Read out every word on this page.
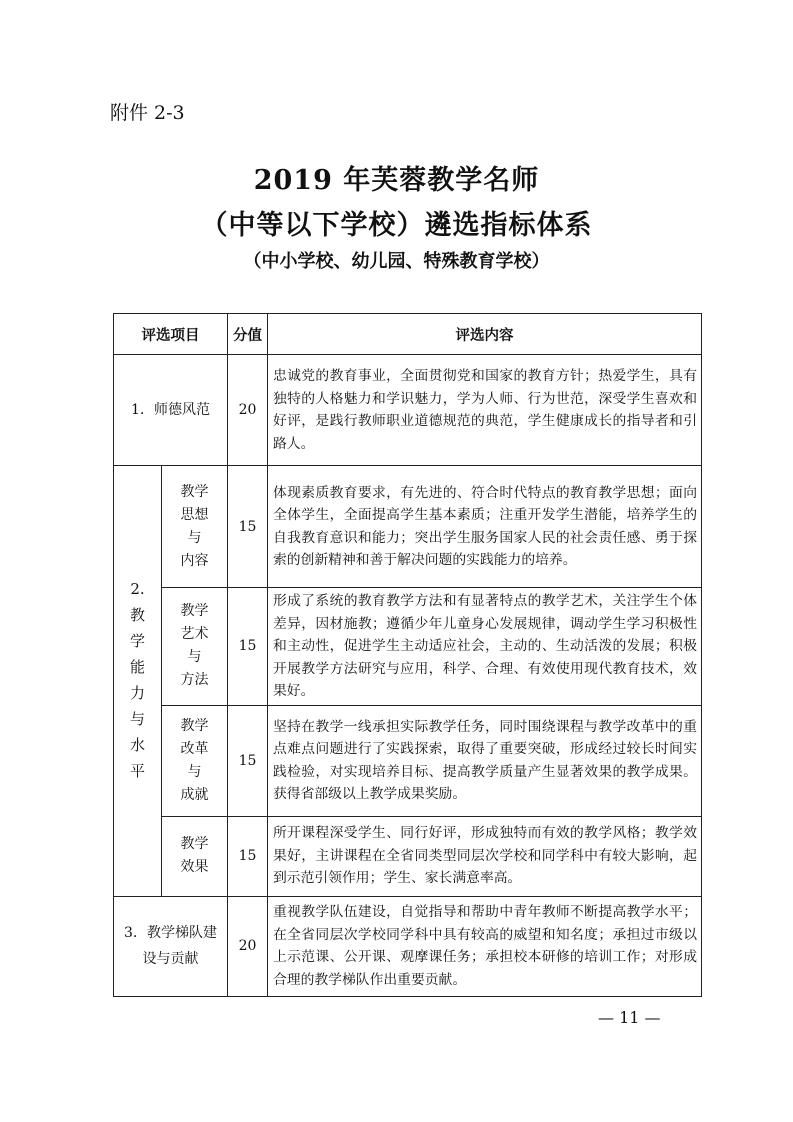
附件 2-3
2019 年芙蓉教学名师
（中等以下学校）遴选指标体系
（中小学校、幼儿园、特殊教育学校）
评选项目		分值	评选内容
1．师德风范		20	忠诚党的教育事业，全面贯彻党和国家的教育方针；热爱学生，具有独特的人格魅力和学识魅力，学为人师、行为世范，深受学生喜欢和好评，是践行教师职业道德规范的典范，学生健康成长的指导者和引路人。
2.教学能力与水平	教学
思想
与
内容	15	体现素质教育要求，有先进的、符合时代特点的教育教学思想；面向全体学生，全面提高学生基本素质；注重开发学生潜能，培养学生的自我教育意识和能力；突出学生服务国家人民的社会责任感、勇于探索的创新精神和善于解决问题的实践能力的培养。

	教学
艺术
与
方法	15	形成了系统的教育教学方法和有显著特点的教学艺术，关注学生个体差异，因材施教；遵循少年儿童身心发展规律，调动学生学习积极性和主动性，促进学生主动适应社会，主动的、生动活泼的发展；积极开展教学方法研究与应用，科学、合理、有效使用现代教育技术，效果好。

	教学
改革
与
成就	15	坚持在教学一线承担实际教学任务，同时围绕课程与教学改革中的重点难点问题进行了实践探索，取得了重要突破，形成经过较长时间实践检验，对实现培养目标、提高教学质量产生显著效果的教学成果。获得省部级以上教学成果奖励。

	教学
效果	15	所开课程深受学生、同行好评，形成独特而有效的教学风格；教学效果好，主讲课程在全省同类型同层次学校和同学科中有较大影响，起到示范引领作用；学生、家长满意率高。
3．教学梯队建设与贡献		20	重视教学队伍建设，自觉指导和帮助中青年教师不断提高教学水平；在全省同层次学校同学科中具有较高的威望和知名度；承担过市级以上示范课、公开课、观摩课任务；承担校本研修的培训工作；对形成合理的教学梯队作出重要贡献。
— 11 —
